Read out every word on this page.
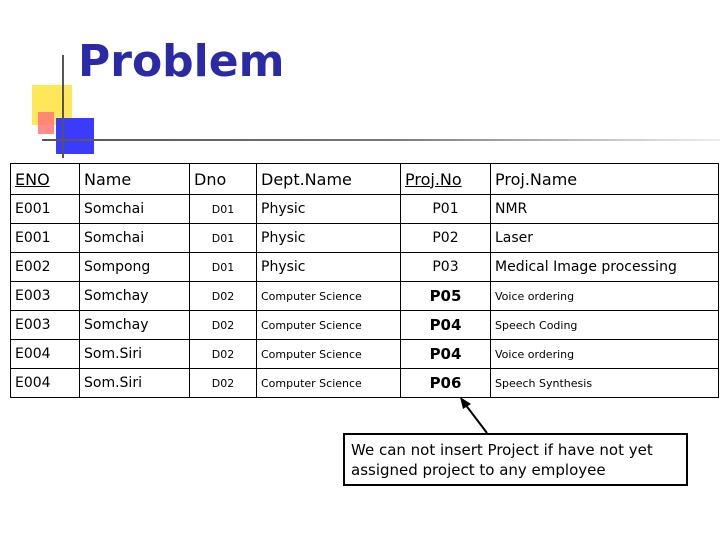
Problem
ENO	Name	Dno	Dept.Name	Proj.No	Proj.Name
E001	Somchai	D01	Physic	P01	NMR
E001	Somchai	D01	Physic	P02	Laser
E002	Sompong	D01	Physic	P03	Medical Image processing
E003	Somchay	D02	Computer Science	P05	Voice ordering
E003	Somchay	D02	Computer Science	P04	Speech Coding
E004	Som.Siri	D02	Computer Science	P04	Voice ordering
E004	Som.Siri	D02	Computer Science	P06	Speech Synthesis
We can not insert Project if have not yet assigned project to any employee
